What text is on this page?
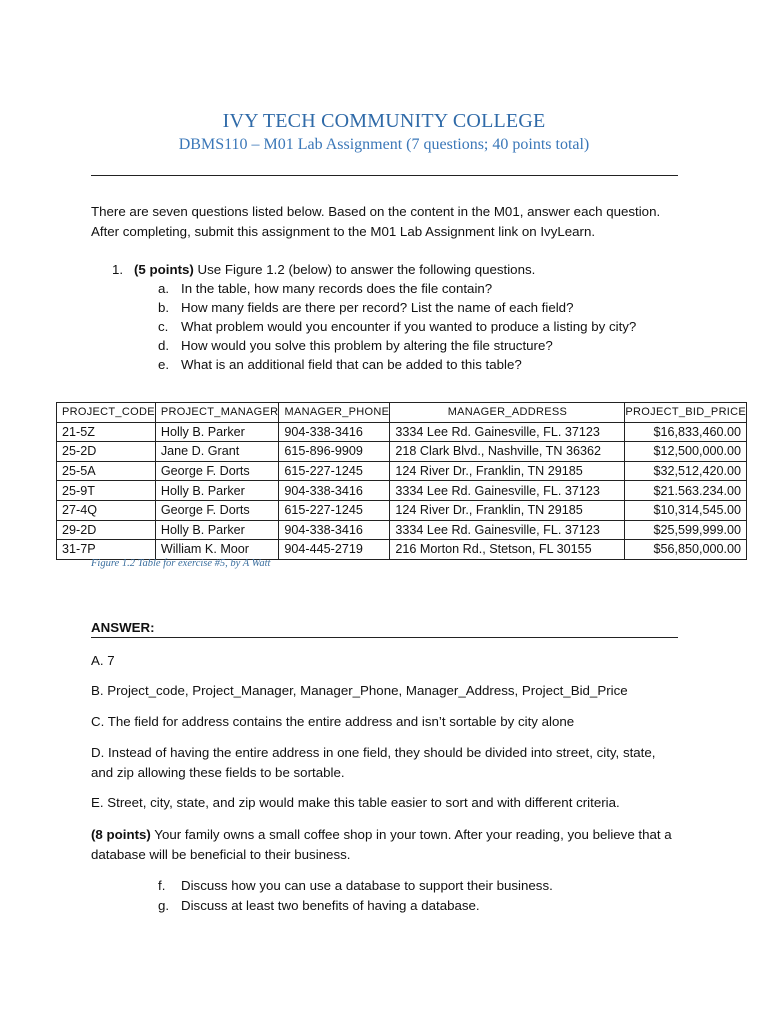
IVY TECH COMMUNITY COLLEGE
DBMS110 – M01 Lab Assignment (7 questions; 40 points total)
There are seven questions listed below. Based on the content in the M01, answer each question. After completing, submit this assignment to the M01 Lab Assignment link on IvyLearn.
1. (5 points) Use Figure 1.2 (below) to answer the following questions.
a. In the table, how many records does the file contain?
b. How many fields are there per record? List the name of each field?
c. What problem would you encounter if you wanted to produce a listing by city?
d. How would you solve this problem by altering the file structure?
e. What is an additional field that can be added to this table?
PROJECT_CODE	PROJECT_MANAGER	MANAGER_PHONE	MANAGER_ADDRESS	PROJECT_BID_PRICE
21-5Z	Holly B. Parker	904-338-3416	3334 Lee Rd. Gainesville, FL. 37123	$16,833,460.00
25-2D	Jane D. Grant	615-896-9909	218 Clark Blvd., Nashville, TN 36362	$12,500,000.00
25-5A	George F. Dorts	615-227-1245	124 River Dr., Franklin, TN 29185	$32,512,420.00
25-9T	Holly B. Parker	904-338-3416	3334 Lee Rd. Gainesville, FL. 37123	$21.563.234.00
27-4Q	George F. Dorts	615-227-1245	124 River Dr., Franklin, TN 29185	$10,314,545.00
29-2D	Holly B. Parker	904-338-3416	3334 Lee Rd. Gainesville, FL. 37123	$25,599,999.00
31-7P	William K. Moor	904-445-2719	216 Morton Rd., Stetson, FL 30155	$56,850,000.00
Figure 1.2 Table for exercise #5, by A Watt
ANSWER:
A. 7
B. Project_code, Project_Manager, Manager_Phone, Manager_Address, Project_Bid_Price
C. The field for address contains the entire address and isn’t sortable by city alone
D. Instead of having the entire address in one field, they should be divided into street, city, state, and zip allowing these fields to be sortable.
E. Street, city, state, and zip would make this table easier to sort and with different criteria.
(8 points) Your family owns a small coffee shop in your town. After your reading, you believe that a database will be beneficial to their business.
f. Discuss how you can use a database to support their business.
g. Discuss at least two benefits of having a database.
